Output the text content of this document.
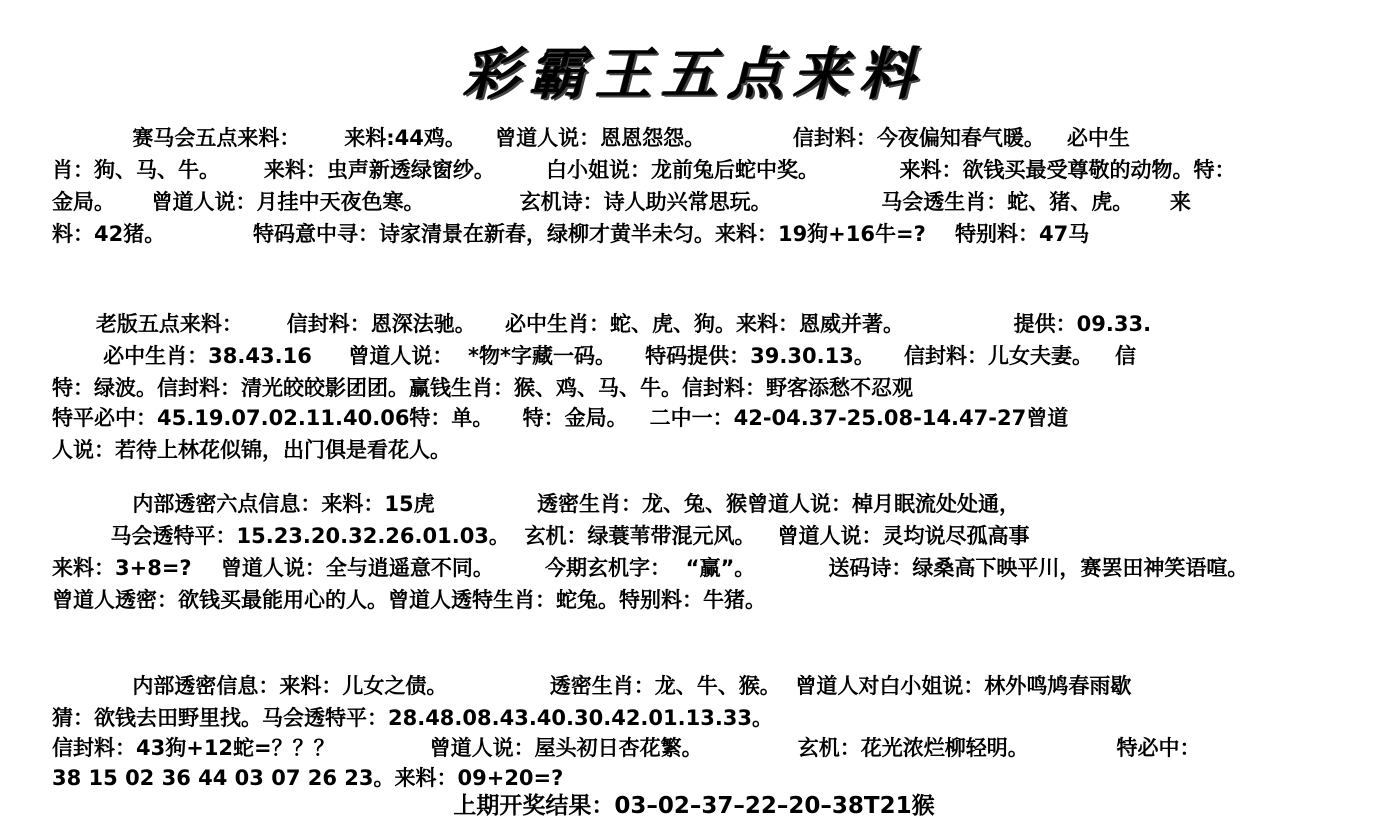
彩霸王五点来料
赛马会五点来料：      来料:44鸡。    曾道人说：恩恩怨怨。            信封料：今夜偏知春气暖。   必中生
肖：狗、马、牛。      来料：虫声新透绿窗纱。       白小姐说：龙前兔后蛇中奖。           来料：欲钱买最受尊敬的动物。特：
金局。     曾道人说：月挂中天夜色寒。             玄机诗：诗人助兴常思玩。               马会透生肖：蛇、猪、虎。     来
料：42猪。            特码意中寻：诗家清景在新春，绿柳才黄半未匀。来料：19狗+16牛=?    特别料：47马
老版五点来料：      信封料：恩深法驰。    必中生肖：蛇、虎、狗。来料：恩威并著。               提供：09.33.
必中生肖：38.43.16     曾道人说：  *物*字藏一码。    特码提供：39.30.13。    信封料：儿女夫妻。   信
特：绿波。信封料：清光皎皎影团团。赢钱生肖：猴、鸡、马、牛。信封料：野客添愁不忍观
特平必中：45.19.07.02.11.40.06特：单。    特：金局。   二中一：42-04.37-25.08-14.47-27曾道
人说：若待上林花似锦，出门俱是看花人。
内部透密六点信息：来料：15虎              透密生肖：龙、兔、猴曾道人说：棹月眠流处处通，
马会透特平：15.23.20.32.26.01.03。  玄机：绿蓑苇带混元风。   曾道人说：灵均说尽孤高事
来料：3+8=?    曾道人说：全与逍遥意不同。       今期玄机字：  “赢”。          送码诗：绿桑高下映平川，赛罢田神笑语喧。
曾道人透密：欲钱买最能用心的人。曾道人透特生肖：蛇兔。特别料：牛猪。
内部透密信息：来料：儿女之债。              透密生肖：龙、牛、猴。  曾道人对白小姐说：林外鸣鸠春雨歇
猜：欲钱去田野里找。马会透特平：28.48.08.43.40.30.42.01.13.33。
信封料：43狗+12蛇=？？？             曾道人说：屋头初日杏花繁。             玄机：花光浓烂柳轻明。            特必中：
38 15 02 36 44 03 07 26 23。来料：09+20=?
上期开奖结果：03–02–37–22–20–38T21猴
